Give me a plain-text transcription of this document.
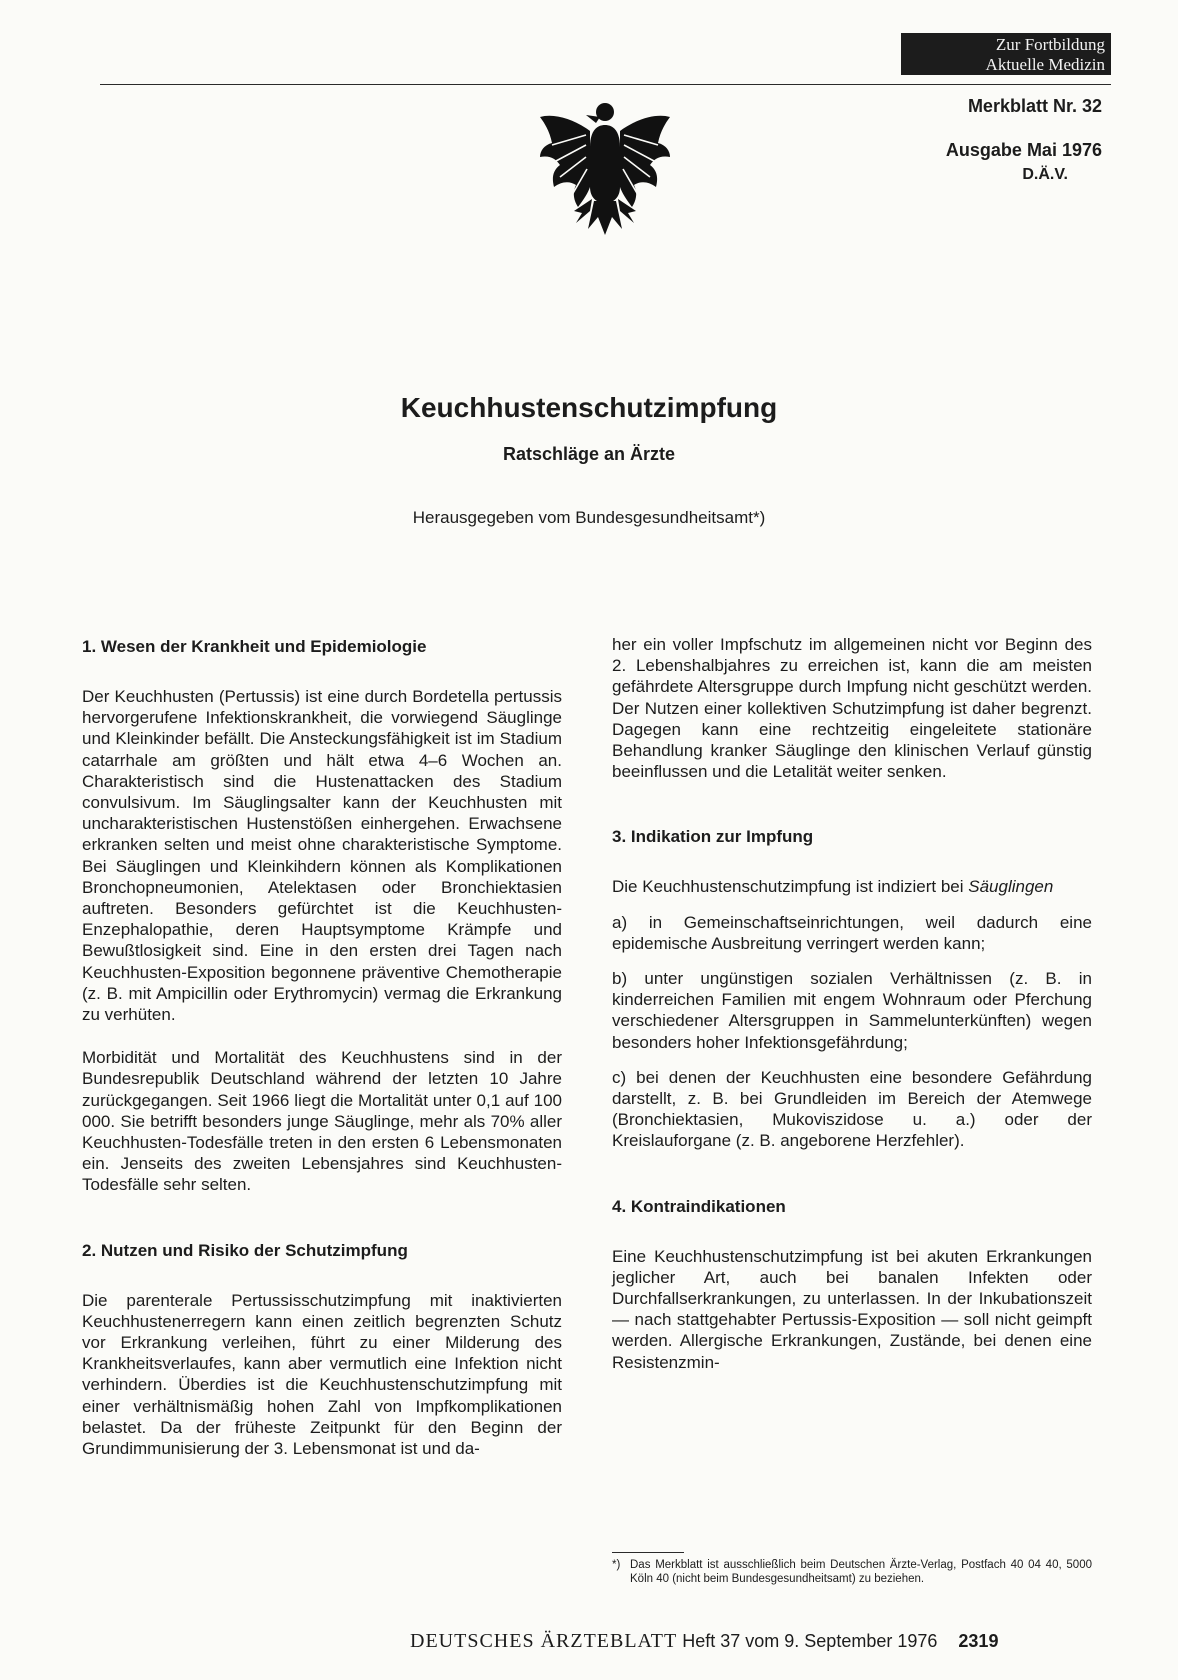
Zur Fortbildung
Aktuelle Medizin
Merkblatt Nr. 32
Ausgabe Mai 1976
D.Ä.V.
Keuchhustenschutzimpfung
Ratschläge an Ärzte
Herausgegeben vom Bundesgesundheitsamt*)
1. Wesen der Krankheit und Epidemiologie

Der Keuchhusten (Pertussis) ist eine durch Bordetella pertussis hervorgerufene Infektionskrankheit, die vorwiegend Säuglinge und Kleinkinder befällt. Die Ansteckungsfähigkeit ist im Stadium catarrhale am größten und hält etwa 4–6 Wochen an. Charakteristisch sind die Hustenattacken des Stadium convulsivum. Im Säuglingsalter kann der Keuchhusten mit uncharakteristischen Hustenstößen einhergehen. Erwachsene erkranken selten und meist ohne charakteristische Symptome. Bei Säuglingen und Kleinkihdern können als Komplikationen Bronchopneumonien, Atelektasen oder Bronchiektasien auftreten. Besonders gefürchtet ist die Keuchhusten-Enzephalopathie, deren Hauptsymptome Krämpfe und Bewußtlosigkeit sind. Eine in den ersten drei Tagen nach Keuchhusten-Exposition begonnene präventive Chemotherapie (z. B. mit Ampicillin oder Erythromycin) vermag die Erkrankung zu verhüten.

Morbidität und Mortalität des Keuchhustens sind in der Bundesrepublik Deutschland während der letzten 10 Jahre zurückgegangen. Seit 1966 liegt die Mortalität unter 0,1 auf 100 000. Sie betrifft besonders junge Säuglinge, mehr als 70% aller Keuchhusten-Todesfälle treten in den ersten 6 Lebensmonaten ein. Jenseits des zweiten Lebensjahres sind Keuchhusten-Todesfälle sehr selten.

2. Nutzen und Risiko der Schutzimpfung

Die parenterale Pertussisschutzimpfung mit inaktivierten Keuchhustenerregern kann einen zeitlich begrenzten Schutz vor Erkrankung verleihen, führt zu einer Milderung des Krankheitsverlaufes, kann aber vermutlich eine Infektion nicht verhindern. Überdies ist die Keuchhustenschutzimpfung mit einer verhältnismäßig hohen Zahl von Impfkomplikationen belastet. Da der früheste Zeitpunkt für den Beginn der Grundimmunisierung der 3. Lebensmonat ist und da-

her ein voller Impfschutz im allgemeinen nicht vor Beginn des 2. Lebenshalbjahres zu erreichen ist, kann die am meisten gefährdete Altersgruppe durch Impfung nicht geschützt werden. Der Nutzen einer kollektiven Schutzimpfung ist daher begrenzt. Dagegen kann eine rechtzeitig eingeleitete stationäre Behandlung kranker Säuglinge den klinischen Verlauf günstig beeinflussen und die Letalität weiter senken.

3. Indikation zur Impfung

Die Keuchhustenschutzimpfung ist indiziert bei Säuglingen

a) in Gemeinschaftseinrichtungen, weil dadurch eine epidemische Ausbreitung verringert werden kann;

b) unter ungünstigen sozialen Verhältnissen (z. B. in kinderreichen Familien mit engem Wohnraum oder Pferchung verschiedener Altersgruppen in Sammelunterkünften) wegen besonders hoher Infektionsgefährdung;

c) bei denen der Keuchhusten eine besondere Gefährdung darstellt, z. B. bei Grundleiden im Bereich der Atemwege (Bronchiektasien, Mukoviszidose u. a.) oder der Kreislauforgane (z. B. angeborene Herzfehler).

4. Kontraindikationen

Eine Keuchhustenschutzimpfung ist bei akuten Erkrankungen jeglicher Art, auch bei banalen Infekten oder Durchfallserkrankungen, zu unterlassen. In der Inkubationszeit — nach stattgehabter Pertussis-Exposition — soll nicht geimpft werden. Allergische Erkrankungen, Zustände, bei denen eine Resistenzmin-

*) Das Merkblatt ist ausschließlich beim Deutschen Ärzte-Verlag, Postfach 40 04 40, 5000 Köln 40 (nicht beim Bundesgesundheitsamt) zu beziehen.
DEUTSCHES ÄRZTEBLATT Heft 37 vom 9. September 1976 2319
